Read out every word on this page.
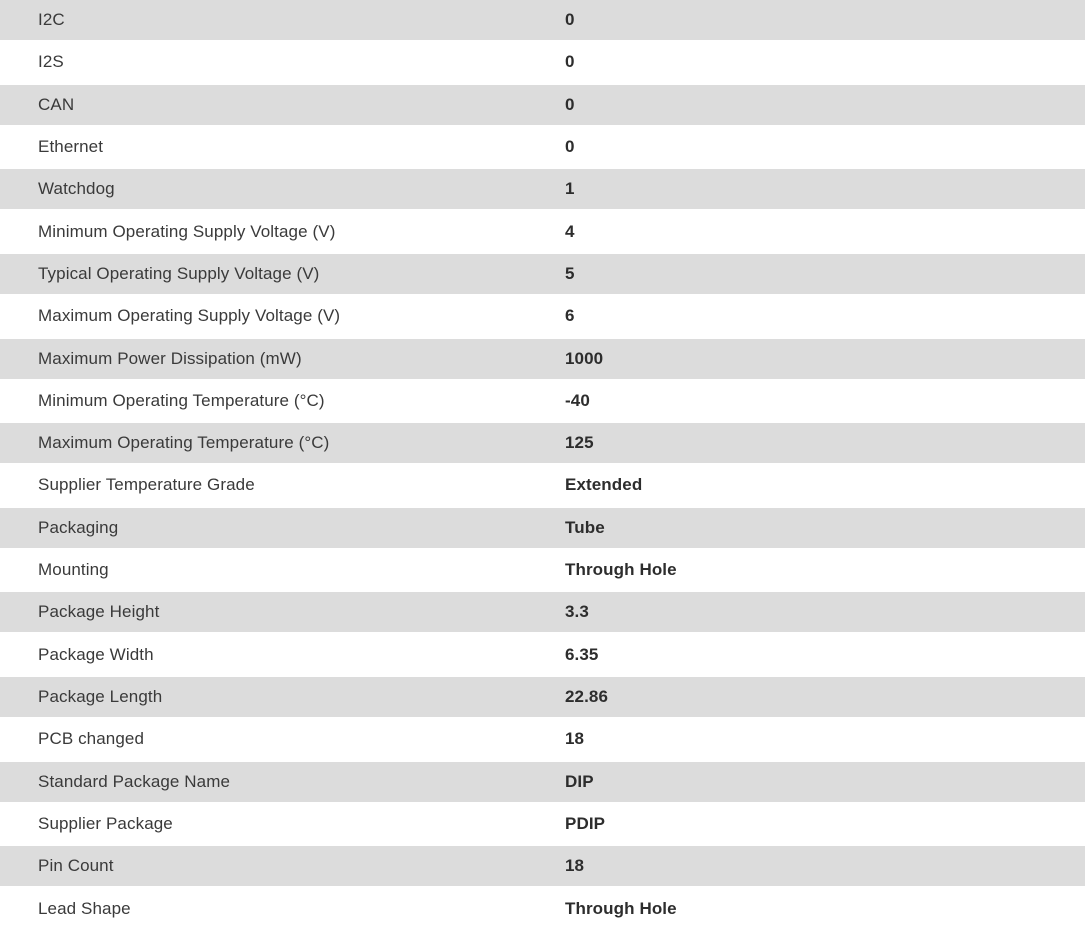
I2C	0
I2S	0
CAN	0
Ethernet	0
Watchdog	1
Minimum Operating Supply Voltage (V)	4
Typical Operating Supply Voltage (V)	5
Maximum Operating Supply Voltage (V)	6
Maximum Power Dissipation (mW)	1000
Minimum Operating Temperature (°C)	-40
Maximum Operating Temperature (°C)	125
Supplier Temperature Grade	Extended
Packaging	Tube
Mounting	Through Hole
Package Height	3.3
Package Width	6.35
Package Length	22.86
PCB changed	18
Standard Package Name	DIP
Supplier Package	PDIP
Pin Count	18
Lead Shape	Through Hole
